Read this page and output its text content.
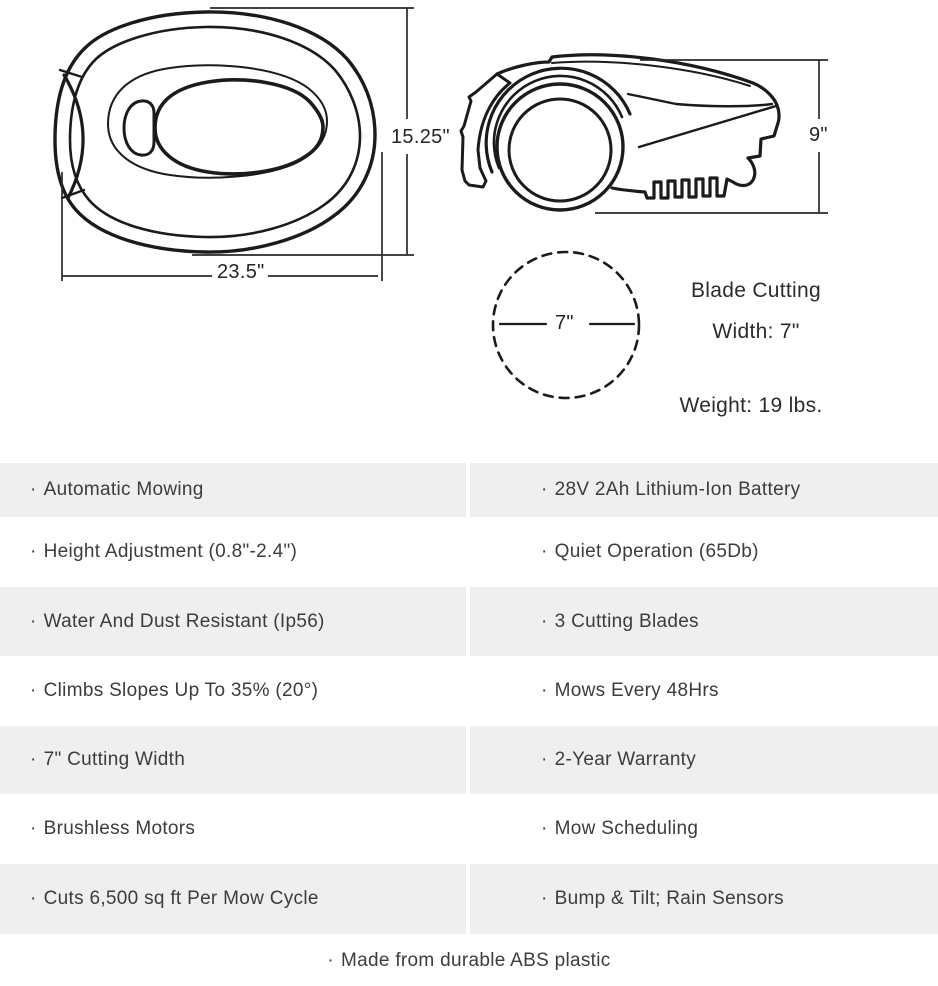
15.25"
23.5"
9"
7"
Blade Cutting
Width: 7"
Weight: 19 lbs.
· Automatic Mowing	· 28V 2Ah Lithium-Ion Battery
· Height Adjustment (0.8"-2.4")	· Quiet Operation (65Db)
· Water And Dust Resistant (Ip56)	· 3 Cutting Blades
· Climbs Slopes Up To 35% (20°)	· Mows Every 48Hrs
· 7" Cutting Width	· 2-Year Warranty
· Brushless Motors	· Mow Scheduling
· Cuts 6,500 sq ft Per Mow Cycle	· Bump & Tilt; Rain Sensors
· Made from durable ABS plastic
